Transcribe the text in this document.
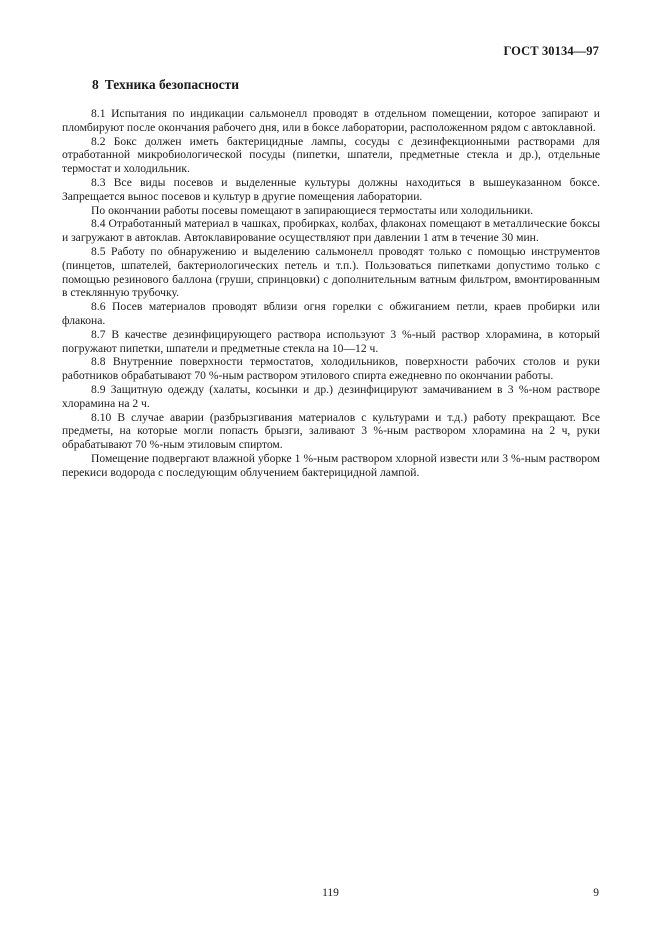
ГОСТ 30134—97
8 Техника безопасности

8.1 Испытания по индикации сальмонелл проводят в отдельном помещении, которое запирают и пломбируют после окончания рабочего дня, или в боксе лаборатории, расположенном рядом с автоклавной.

8.2 Бокс должен иметь бактерицидные лампы, сосуды с дезинфекционными растворами для отработанной микробиологической посуды (пипетки, шпатели, предметные стекла и др.), отдельные термостат и холодильник.

8.3 Все виды посевов и выделенные культуры должны находиться в вышеуказанном боксе. Запрещается вынос посевов и культур в другие помещения лаборатории.

По окончании работы посевы помещают в запирающиеся термостаты или холодильники.

8.4 Отработанный материал в чашках, пробирках, колбах, флаконах помещают в металлические боксы и загружают в автоклав. Автоклавирование осуществляют при давлении 1 атм в течение 30 мин.

8.5 Работу по обнаружению и выделению сальмонелл проводят только с помощью инструментов (пинцетов, шпателей, бактериологических петель и т.п.). Пользоваться пипетками допустимо только с помощью резинового баллона (груши, спринцовки) с дополнительным ватным фильтром, вмонтированным в стеклянную трубочку.

8.6 Посев материалов проводят вблизи огня горелки с обжиганием петли, краев пробирки или флакона.

8.7 В качестве дезинфицирующего раствора используют 3 %-ный раствор хлорамина, в который погружают пипетки, шпатели и предметные стекла на 10—12 ч.

8.8 Внутренние поверхности термостатов, холодильников, поверхности рабочих столов и руки работников обрабатывают 70 %-ным раствором этилового спирта ежедневно по окончании работы.

8.9 Защитную одежду (халаты, косынки и др.) дезинфицируют замачиванием в 3 %-ном растворе хлорамина на 2 ч.

8.10 В случае аварии (разбрызгивания материалов с культурами и т.д.) работу прекращают. Все предметы, на которые могли попасть брызги, заливают 3 %-ным раствором хлорамина на 2 ч, руки обрабатывают 70 %-ным этиловым спиртом.

Помещение подвергают влажной уборке 1 %-ным раствором хлорной извести или 3 %-ным раствором перекиси водорода с последующим облучением бактерицидной лампой.

119	9
